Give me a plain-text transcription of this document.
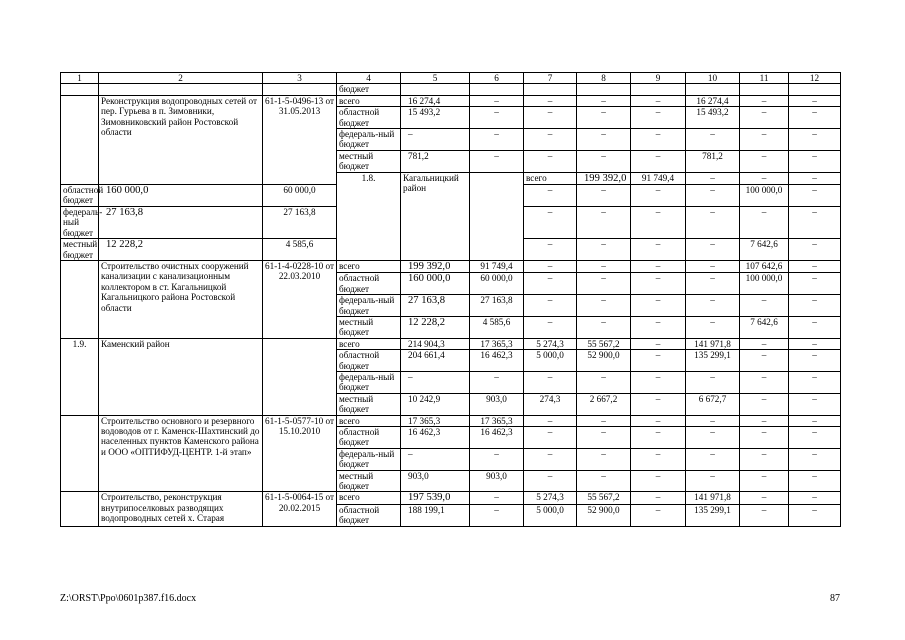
1	2	3	4	5	6	7	8	9	10	11	12	
			бюджет									
	Реконструкция водопроводных сетей от пер. Гурьева в п. Зимовники, Зимовниковский район Ростовской области	61-1-5-0496-13 от 31.05.2013	всего	16 274,4	–	–	–	–	16 274,4	–	–	
			областной бюджет	15 493,2	–	–	–	–	15 493,2	–	–	
			федераль-ный бюджет	–	–	–	–	–	–	–	–	
			местный бюджет	781,2	–	–	–	–	781,2	–	–	
			1.8.	Кагальницкий район		всего	199 392,0	91 749,4	–	–	–			
областной бюджет	160 000,0	60 000,0				–	–	–	–	100 000,0	–	
федераль-ный бюджет	27 163,8	27 163,8				–	–	–	–	–	–	
местный бюджет	12 228,2	4 585,6				–	–	–	–	7 642,6	–	
	Строительство очистных сооружений канализации с канализационным коллектором в ст. Кагальницкой Кагальницкого района Ростовской области	61-1-4-0228-10 от 22.03.2010	всего	199 392,0	91 749,4	–	–	–	–	107 642,6	–	
			областной бюджет	160 000,0	60 000,0	–	–	–	–	100 000,0	–	
			федераль-ный бюджет	27 163,8	27 163,8	–	–	–	–	–	–	
			местный бюджет	12 228,2	4 585,6	–	–	–	–	7 642,6	–	
1.9.	Каменский район		всего	214 904,3	17 365,3	5 274,3	55 567,2	–	141 971,8	–	–	
			областной бюджет	204 661,4	16 462,3	5 000,0	52 900,0	–	135 299,1	–	–	
			федераль-ный бюджет	–	–	–	–	–	–	–	–	
			местный бюджет	10 242,9	903,0	274,3	2 667,2	–	6 672,7	–	–	
	Строительство основного и резервного водоводов от г. Каменск-Шахтинский до населенных пунктов Каменского района и ООО «ОПТИФУД-ЦЕНТР. 1-й этап»	61-1-5-0577-10 от 15.10.2010	всего	17 365,3	17 365,3	–	–	–	–	–	–	
			областной бюджет	16 462,3	16 462,3	–	–	–	–	–	–	
			федераль-ный бюджет	–	–	–	–	–	–	–	–	
			местный бюджет	903,0	903,0	–	–	–	–	–	–	
	Строительство, реконструкция внутрипоселковых разводящих водопроводных сетей х. Старая	61-1-5-0064-15 от 20.02.2015	всего	197 539,0	–	5 274,3	55 567,2	–	141 971,8	–	–	
			областной бюджет	188 199,1	–	5 000,0	52 900,0	–	135 299,1	–	–	
Z:\ORST\Ppo\0601p387.f16.docx	87
